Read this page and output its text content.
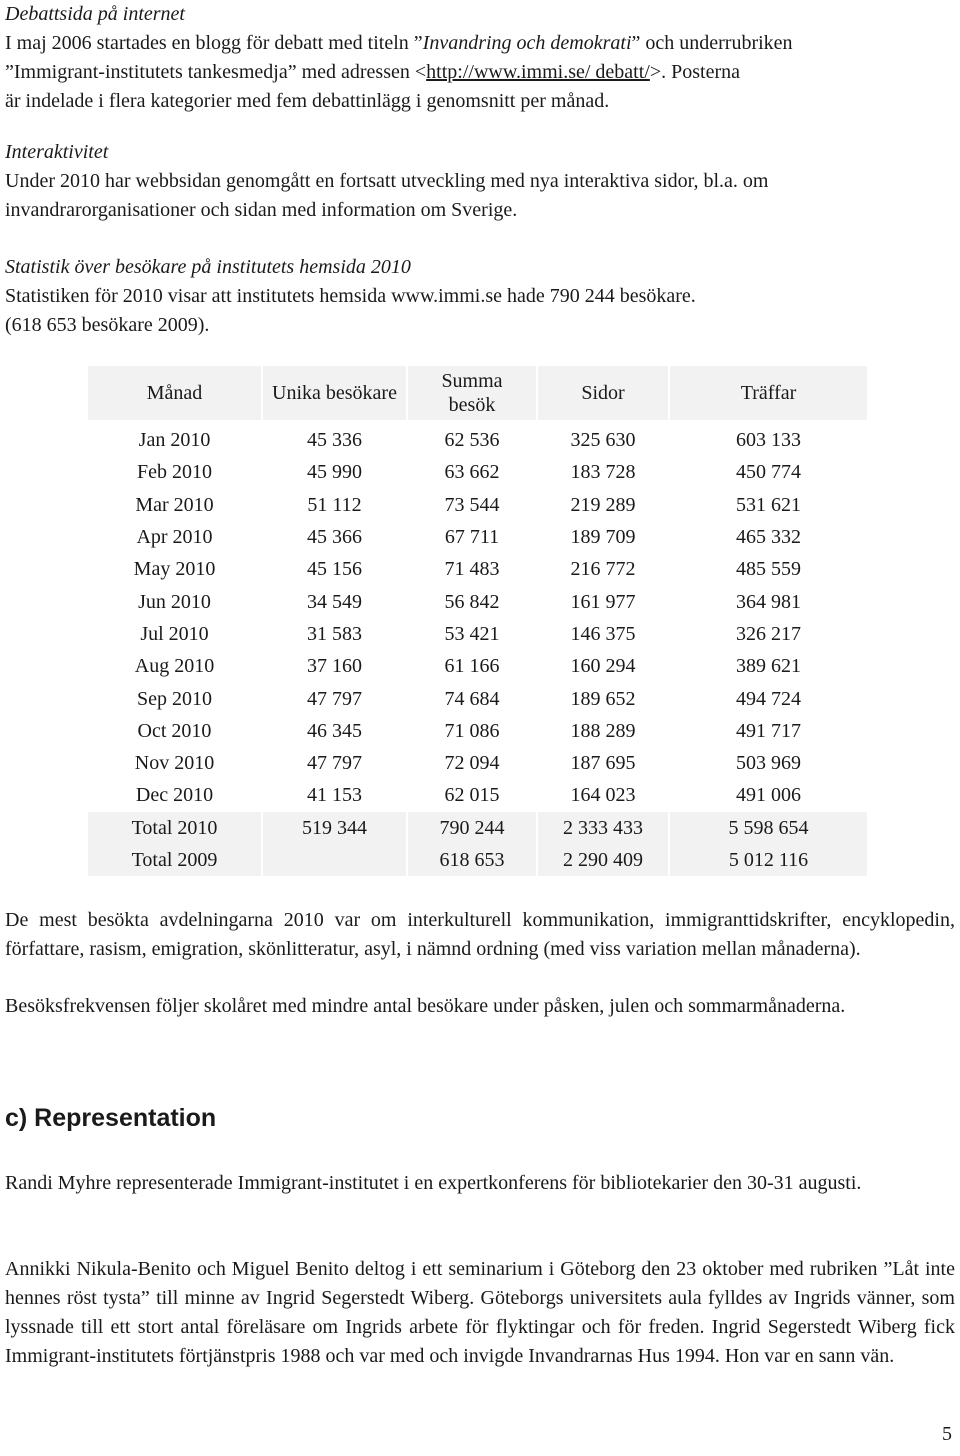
Debattsida på internet
I maj 2006 startades en blogg för debatt med titeln ”Invandring och demokrati” och underrubriken
”Immigrant-institutets tankesmedja” med adressen <http://www.immi.se/ debatt/>. Posterna
är indelade i flera kategorier med fem debattinlägg i genomsnitt per månad.
Interaktivitet
Under 2010 har webbsidan genomgått en fortsatt utveckling med nya interaktiva sidor, bl.a. om
invandrarorganisationer och sidan med information om Sverige.
Statistik över besökare på institutets hemsida 2010
Statistiken för 2010 visar att institutets hemsida www.immi.se hade 790 244 besökare.
(618 653 besökare 2009).
Månad	Unika besökare	Summa besök	Sidor	Träffar
Jan 2010	45 336	62 536	325 630	603 133
Feb 2010	45 990	63 662	183 728	450 774
Mar 2010	51 112	73 544	219 289	531 621
Apr 2010	45 366	67 711	189 709	465 332
May 2010	45 156	71 483	216 772	485 559
Jun 2010	34 549	56 842	161 977	364 981
Jul 2010	31 583	53 421	146 375	326 217
Aug 2010	37 160	61 166	160 294	389 621
Sep 2010	47 797	74 684	189 652	494 724
Oct 2010	46 345	71 086	188 289	491 717
Nov 2010	47 797	72 094	187 695	503 969
Dec 2010	41 153	62 015	164 023	491 006
Total 2010	519 344	790 244	2 333 433	5 598 654
Total 2009		618 653	2 290 409	5 012 116
De mest besökta avdelningarna 2010 var om interkulturell kommunikation, immigranttidskrifter, encyklopedin, författare, rasism, emigration, skönlitteratur, asyl, i nämnd ordning (med viss variation mellan månaderna).
Besöksfrekvensen följer skolåret med mindre antal besökare under påsken, julen och sommarmånaderna.
c) Representation
Randi Myhre representerade Immigrant-institutet i en expertkonferens för bibliotekarier den 30-31 augusti.
Annikki Nikula-Benito och Miguel Benito deltog i ett seminarium i Göteborg den 23 oktober med rubriken ”Låt inte hennes röst tysta” till minne av Ingrid Segerstedt Wiberg. Göteborgs universitets aula fylldes av Ingrids vänner, som lyssnade till ett stort antal föreläsare om Ingrids arbete för flyktingar och för freden. Ingrid Segerstedt Wiberg fick Immigrant-institutets förtjänstpris 1988 och var med och invigde Invandrarnas Hus 1994. Hon var en sann vän.
5
